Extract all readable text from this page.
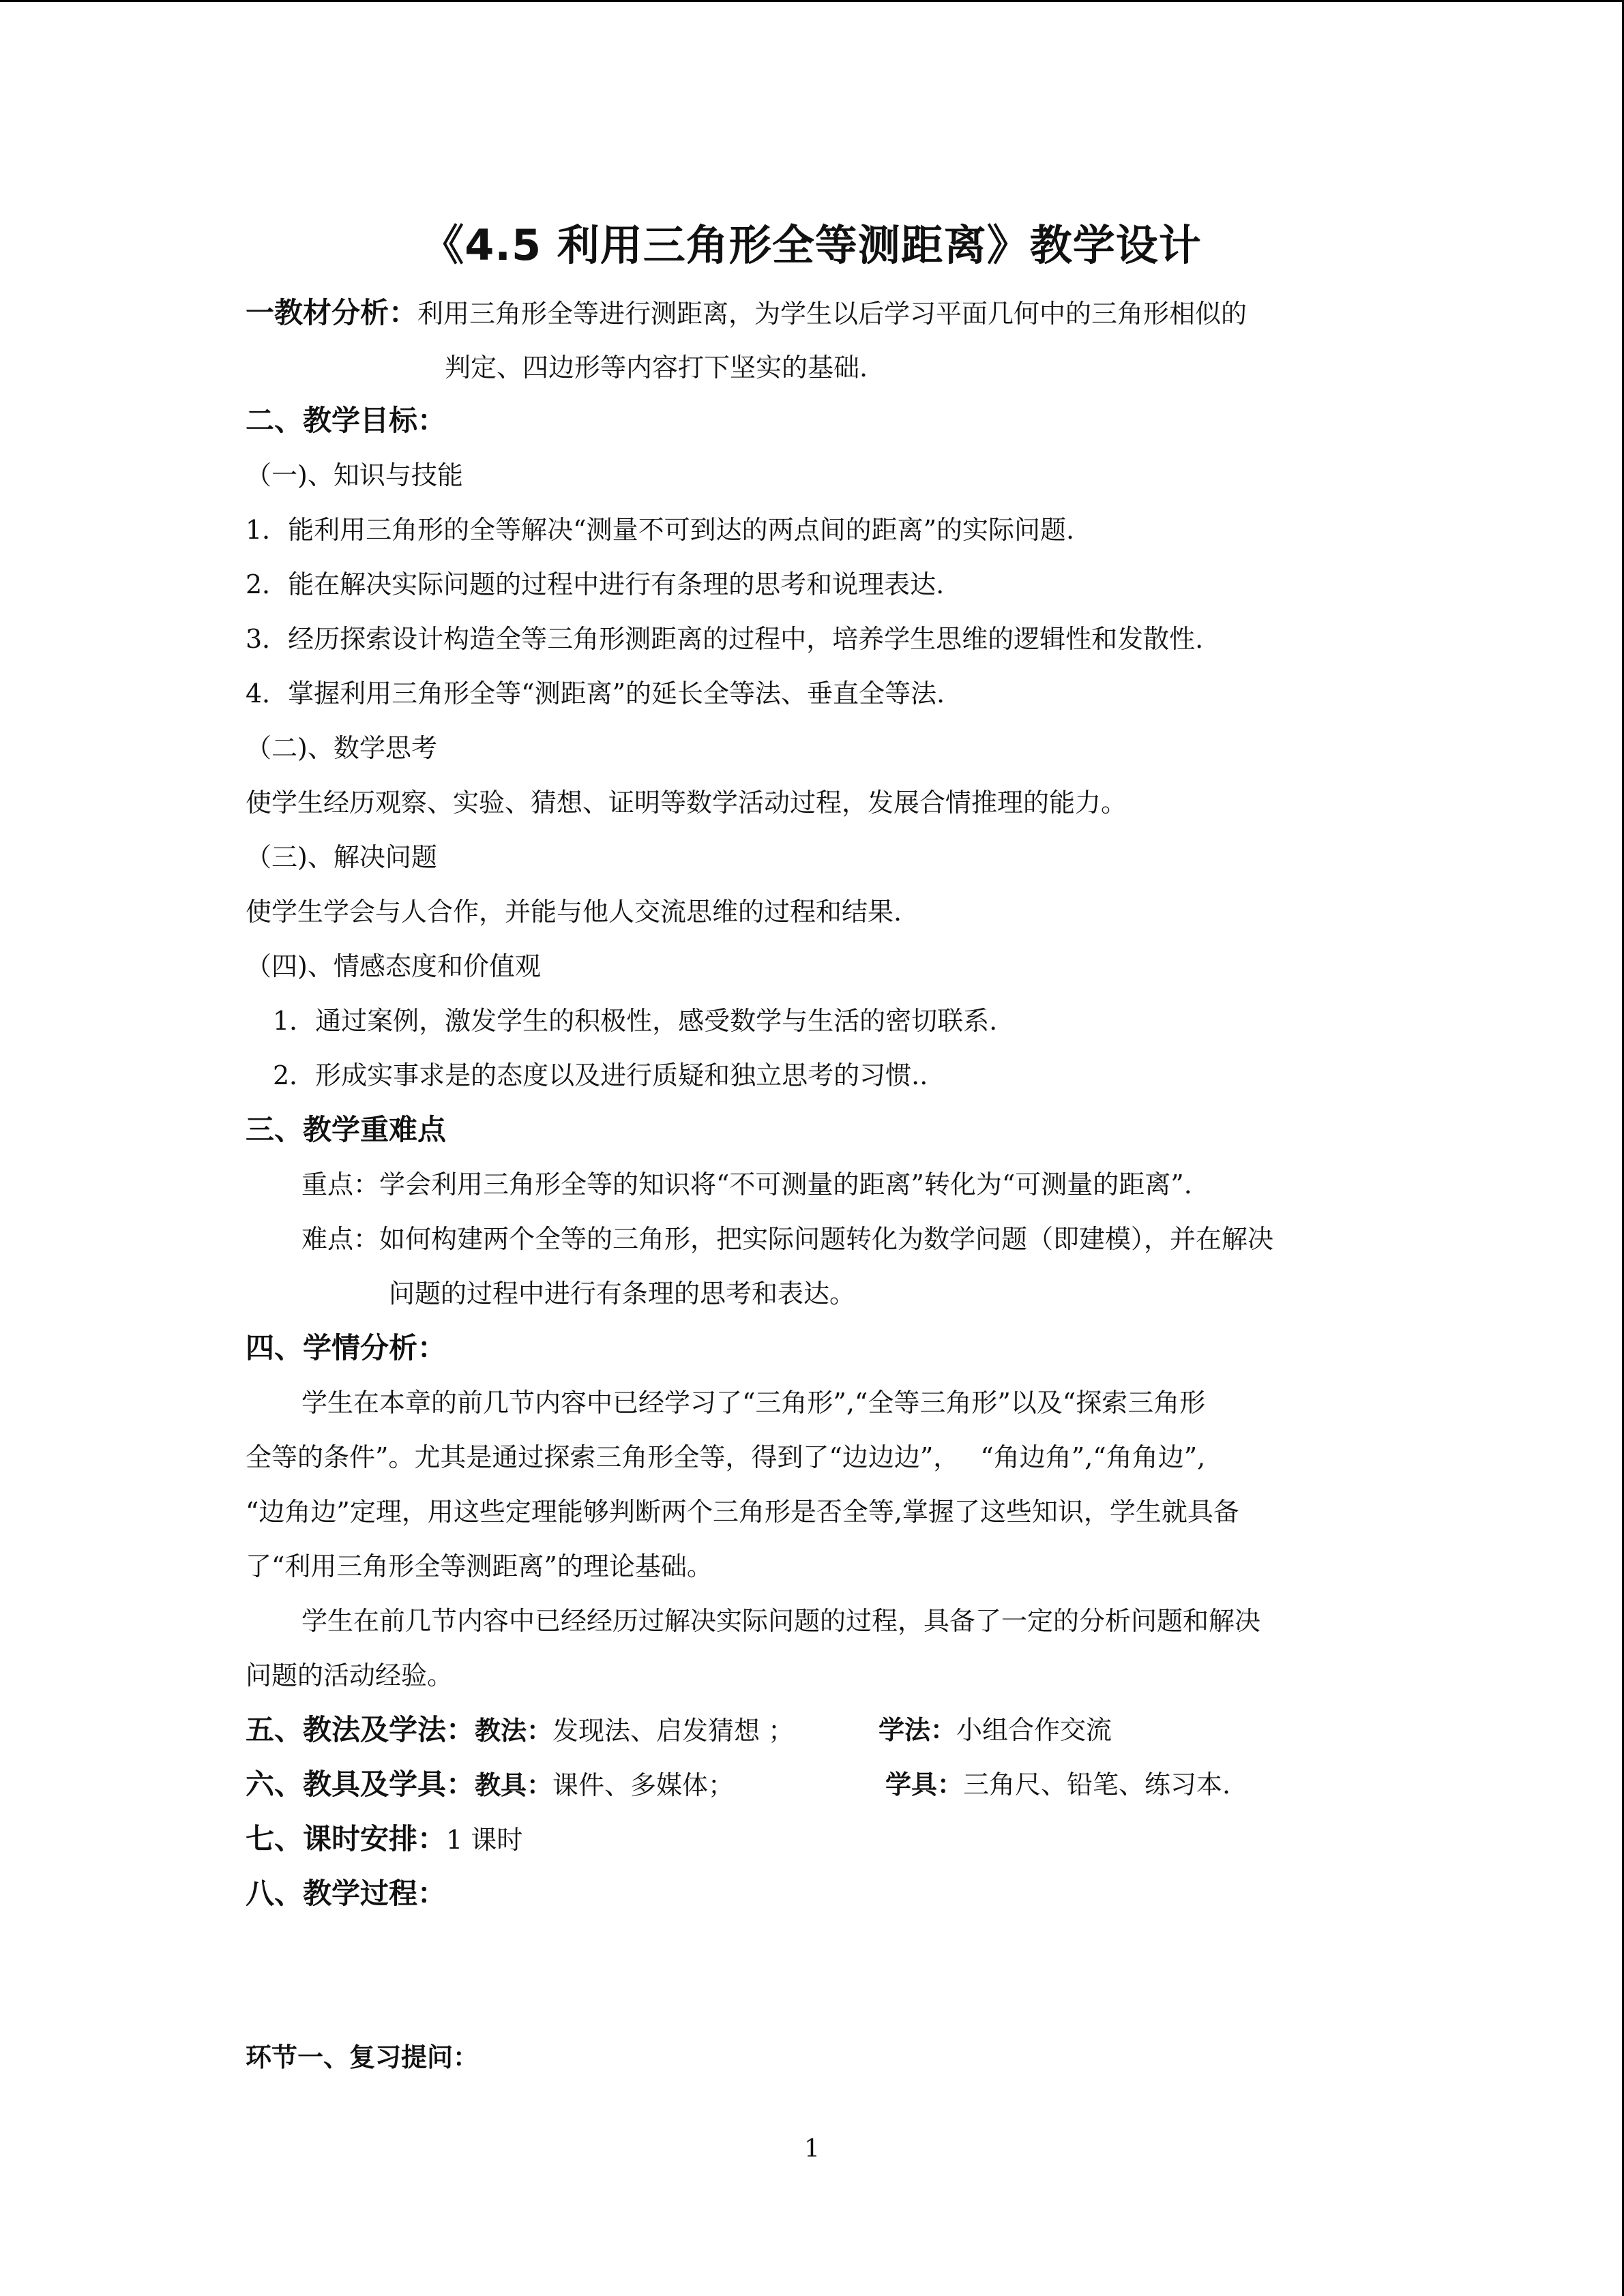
《4.5 利用三角形全等测距离》教学设计
一教材分析：利用三角形全等进行测距离，为学生以后学习平面几何中的三角形相似的
判定、四边形等内容打下坚实的基础.
二、教学目标：
（一)、知识与技能
1．能利用三角形的全等解决“测量不可到达的两点间的距离”的实际问题.
2．能在解决实际问题的过程中进行有条理的思考和说理表达.
3．经历探索设计构造全等三角形测距离的过程中，培养学生思维的逻辑性和发散性.
4．掌握利用三角形全等“测距离”的延长全等法、垂直全等法.
（二)、数学思考
使学生经历观察、实验、猜想、证明等数学活动过程，发展合情推理的能力。
（三)、解决问题
使学生学会与人合作，并能与他人交流思维的过程和结果.
（四)、情感态度和价值观
1．通过案例，激发学生的积极性，感受数学与生活的密切联系.
2．形成实事求是的态度以及进行质疑和独立思考的习惯..
三、教学重难点
重点：学会利用三角形全等的知识将“不可测量的距离”转化为“可测量的距离”.
难点：如何构建两个全等的三角形，把实际问题转化为数学问题（即建模），并在解决
问题的过程中进行有条理的思考和表达。
四、学情分析：
学生在本章的前几节内容中已经学习了“三角形”,“全等三角形”以及“探索三角形
全等的条件”。尤其是通过探索三角形全等，得到了“边边边”，　 “角边角”,“角角边”,
“边角边”定理，用这些定理能够判断两个三角形是否全等,掌握了这些知识，学生就具备
了“利用三角形全等测距离”的理论基础。
学生在前几节内容中已经经历过解决实际问题的过程，具备了一定的分析问题和解决
问题的活动经验。
五、教法及学法：教法：发现法、启发猜想 ；	学法：小组合作交流
六、教具及学具：教具：课件、多媒体；	学具：三角尺、铅笔、练习本.
七、课时安排：1 课时
八、教学过程：
环节一、复习提问：
1
